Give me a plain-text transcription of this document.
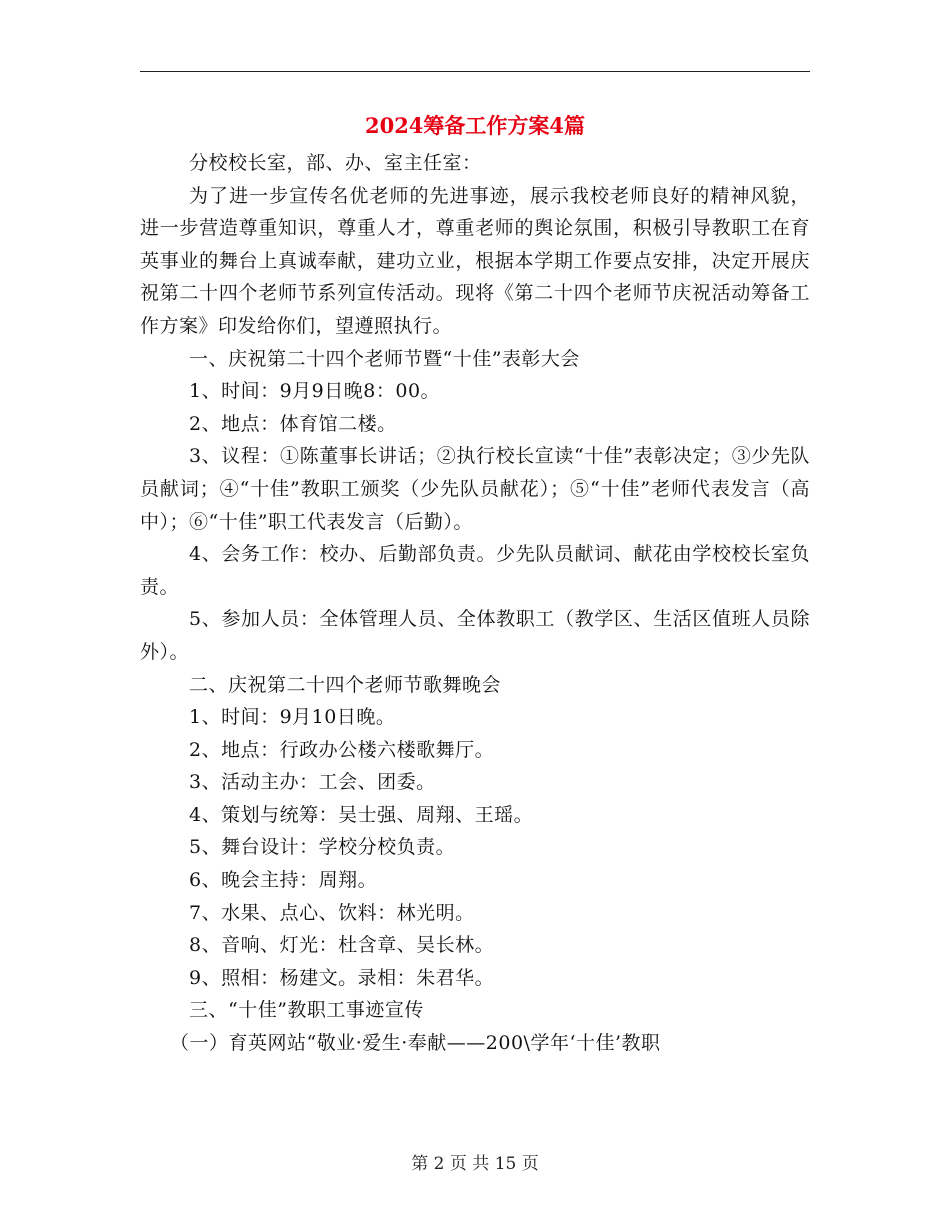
2024筹备工作方案4篇

分校校长室，部、办、室主任室：

为了进一步宣传名优老师的先进事迹，展示我校老师良好的精神风貌，进一步营造尊重知识，尊重人才，尊重老师的舆论氛围，积极引导教职工在育英事业的舞台上真诚奉献，建功立业，根据本学期工作要点安排，决定开展庆祝第二十四个老师节系列宣传活动。现将《第二十四个老师节庆祝活动筹备工作方案》印发给你们，望遵照执行。

一、庆祝第二十四个老师节暨“十佳”表彰大会

1、时间：9月9日晚8：00。

2、地点：体育馆二楼。

3、议程：①陈董事长讲话；②执行校长宣读“十佳”表彰决定；③少先队员献词；④“十佳”教职工颁奖（少先队员献花）；⑤“十佳”老师代表发言（高中）；⑥“十佳”职工代表发言（后勤）。

4、会务工作：校办、后勤部负责。少先队员献词、献花由学校校长室负责。

5、参加人员：全体管理人员、全体教职工（教学区、生活区值班人员除外）。

二、庆祝第二十四个老师节歌舞晚会

1、时间：9月10日晚。

2、地点：行政办公楼六楼歌舞厅。

3、活动主办：工会、团委。

4、策划与统筹：吴士强、周翔、王瑶。

5、舞台设计：学校分校负责。

6、晚会主持：周翔。

7、水果、点心、饮料：林光明。

8、音响、灯光：杜含章、吴长林。

9、照相：杨建文。录相：朱君华。

三、“十佳”教职工事迹宣传

（一）育英网站“敬业·爱生·奉献——200\学年‘十佳’教职

第 2 页 共 15 页
